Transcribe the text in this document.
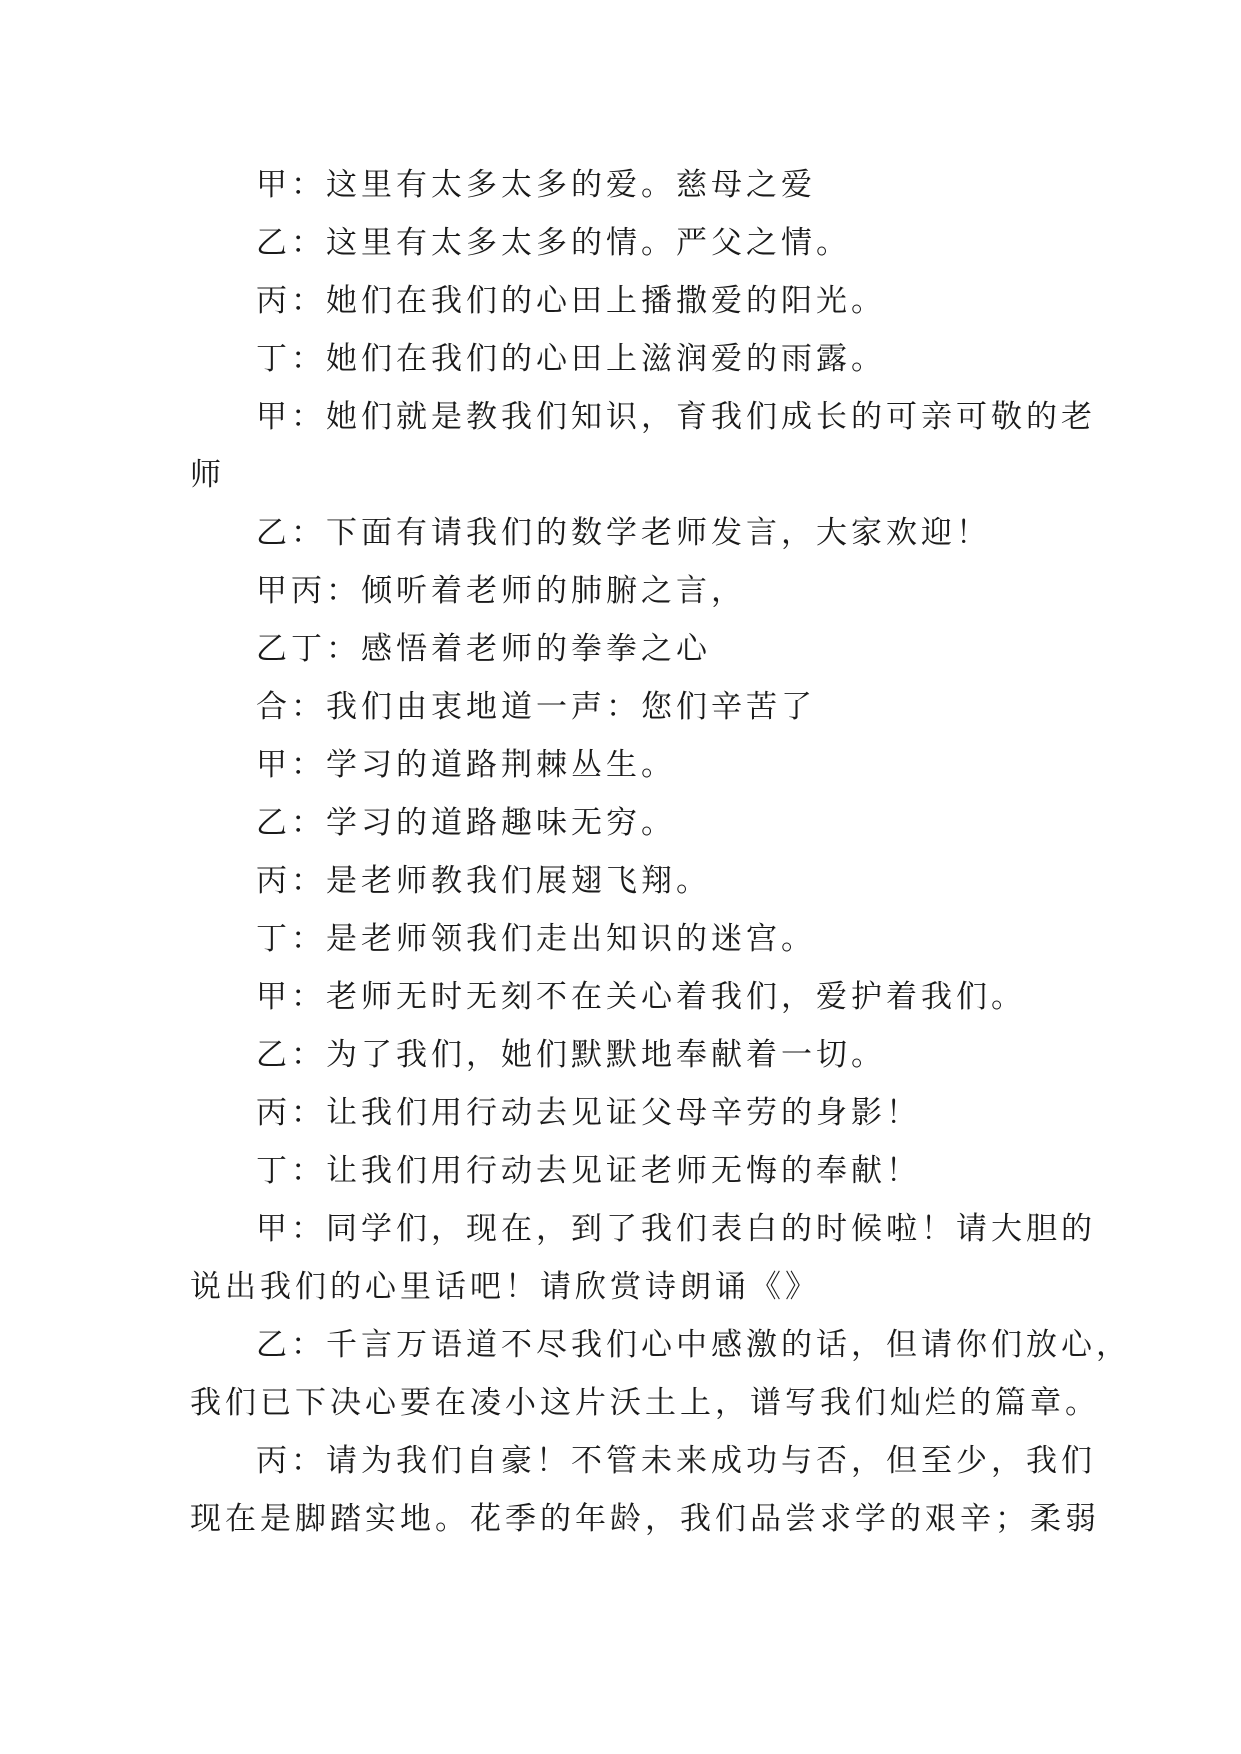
甲：这里有太多太多的爱。慈母之爱

乙：这里有太多太多的情。严父之情。

丙：她们在我们的心田上播撒爱的阳光。

丁：她们在我们的心田上滋润爱的雨露。

甲：她们就是教我们知识，育我们成长的可亲可敬的老
师

乙：下面有请我们的数学老师发言，大家欢迎！

甲丙：倾听着老师的肺腑之言，

乙丁：感悟着老师的拳拳之心

合：我们由衷地道一声：您们辛苦了

甲：学习的道路荆棘丛生。

乙：学习的道路趣味无穷。

丙：是老师教我们展翅飞翔。

丁：是老师领我们走出知识的迷宫。

甲：老师无时无刻不在关心着我们，爱护着我们。

乙：为了我们，她们默默地奉献着一切。

丙：让我们用行动去见证父母辛劳的身影！

丁：让我们用行动去见证老师无悔的奉献！

甲：同学们，现在，到了我们表白的时候啦！请大胆的
说出我们的心里话吧！请欣赏诗朗诵《》

乙：千言万语道不尽我们心中感激的话，但请你们放心，
我们已下决心要在凌小这片沃土上，谱写我们灿烂的篇章。

丙：请为我们自豪！不管未来成功与否，但至少，我们
现在是脚踏实地。花季的年龄，我们品尝求学的艰辛；柔弱
